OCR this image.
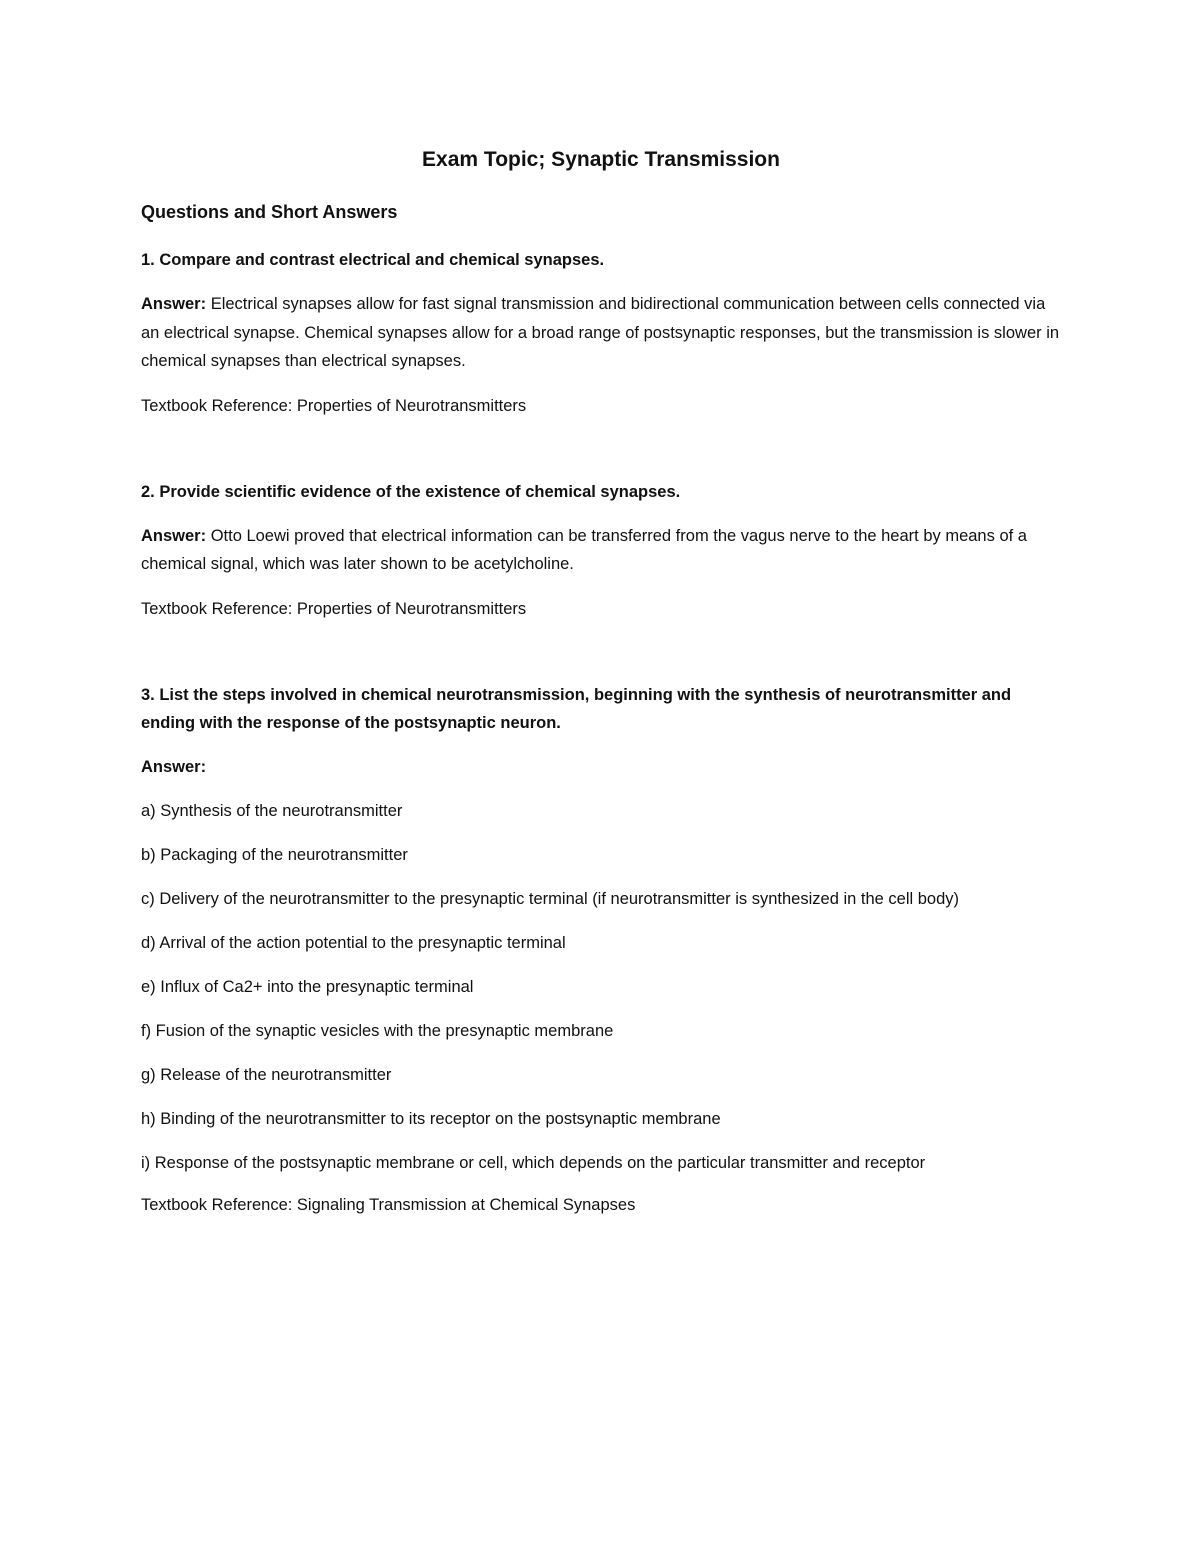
Exam Topic; Synaptic Transmission
Questions and Short Answers

1. Compare and contrast electrical and chemical synapses.

Answer: Electrical synapses allow for fast signal transmission and bidirectional communication between cells connected via an electrical synapse. Chemical synapses allow for a broad range of postsynaptic responses, but the transmission is slower in chemical synapses than electrical synapses.

Textbook Reference: Properties of Neurotransmitters

2. Provide scientific evidence of the existence of chemical synapses.

Answer: Otto Loewi proved that electrical information can be transferred from the vagus nerve to the heart by means of a chemical signal, which was later shown to be acetylcholine.

Textbook Reference: Properties of Neurotransmitters

3. List the steps involved in chemical neurotransmission, beginning with the synthesis of neurotransmitter and ending with the response of the postsynaptic neuron.

Answer:

a) Synthesis of the neurotransmitter

b) Packaging of the neurotransmitter

c) Delivery of the neurotransmitter to the presynaptic terminal (if neurotransmitter is synthesized in the cell body)

d) Arrival of the action potential to the presynaptic terminal

e) Influx of Ca2+ into the presynaptic terminal

f) Fusion of the synaptic vesicles with the presynaptic membrane

g) Release of the neurotransmitter

h) Binding of the neurotransmitter to its receptor on the postsynaptic membrane

i) Response of the postsynaptic membrane or cell, which depends on the particular transmitter and receptor

Textbook Reference: Signaling Transmission at Chemical Synapses
